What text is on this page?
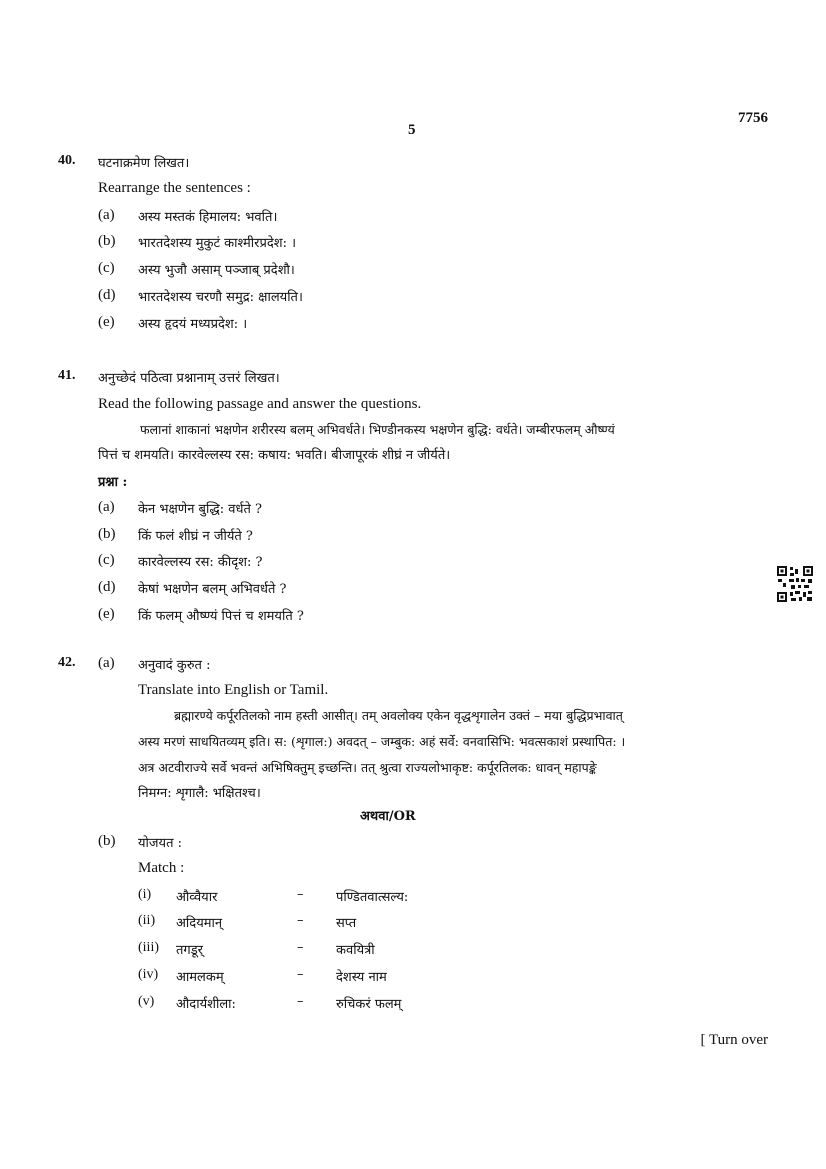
7756
5
40. घटनाक्रमेण लिखत।
Rearrange the sentences :
(a) अस्य मस्तकं हिमालय: भवति।
(b) भारतदेशस्य मुकुटं काश्मीरप्रदेश: ।
(c) अस्य भुजौ असाम् पञ्जाब् प्रदेशौ।
(d) भारतदेशस्य चरणौ समुद्र: क्षालयति।
(e) अस्य हृदयं मध्यप्रदेश: ।
41. अनुच्छेदं पठित्वा प्रश्नानाम् उत्तरं लिखत।
Read the following passage and answer the questions.
फलानां शाकानां भक्षणेन शरीरस्य बलम् अभिवर्धते। भिण्डीनकस्य भक्षणेन बुद्धि: वर्धते। जम्बीरफलम् औष्ण्यं
पित्तं च शमयति। कारवेल्लस्य रस: कषाय: भवति। बीजापूरकं शीघ्रं न जीर्यते।
प्रश्ना :
(a) केन भक्षणेन बुद्धि: वर्धते ?
(b) किं फलं शीघ्रं न जीर्यते ?
(c) कारवेल्लस्य रस: कीदृश: ?
(d) केषां भक्षणेन बलम् अभिवर्धते ?
(e) किं फलम् औष्ण्यं पित्तं च शमयति ?
42. (a) अनुवादं कुरुत :
Translate into English or Tamil.
ब्रह्मारण्ये कर्पूरतिलको नाम हस्ती आसीत्। तम् अवलोक्य एकेन वृद्धशृगालेन उक्तं – मया बुद्धिप्रभावात्
अस्य मरणं साधयितव्यम् इति। स: (शृगाल:) अवदत् – जम्बुक: अहं सर्वे: वनवासिभि: भवत्सकाशं प्रस्थापित: ।
अत्र अटवीराज्ये सर्वे भवन्तं अभिषिक्तुम् इच्छन्ति। तत् श्रुत्वा राज्यलोभाकृष्ट: कर्पूरतिलक: धावन् महापङ्के
निमग्न: शृगालै: भक्षितश्च।
अथवा/OR
(b) योजयत :
Match :
(i) औव्वैयार	–	पण्डितवात्सल्य:
(ii) अदियमान्	–	सप्त
(iii) तगडूर्	–	कवयित्री
(iv) आमलकम्	–	देशस्य नाम
(v) औदार्यशीला:	–	रुचिकरं फलम्
[ Turn over
